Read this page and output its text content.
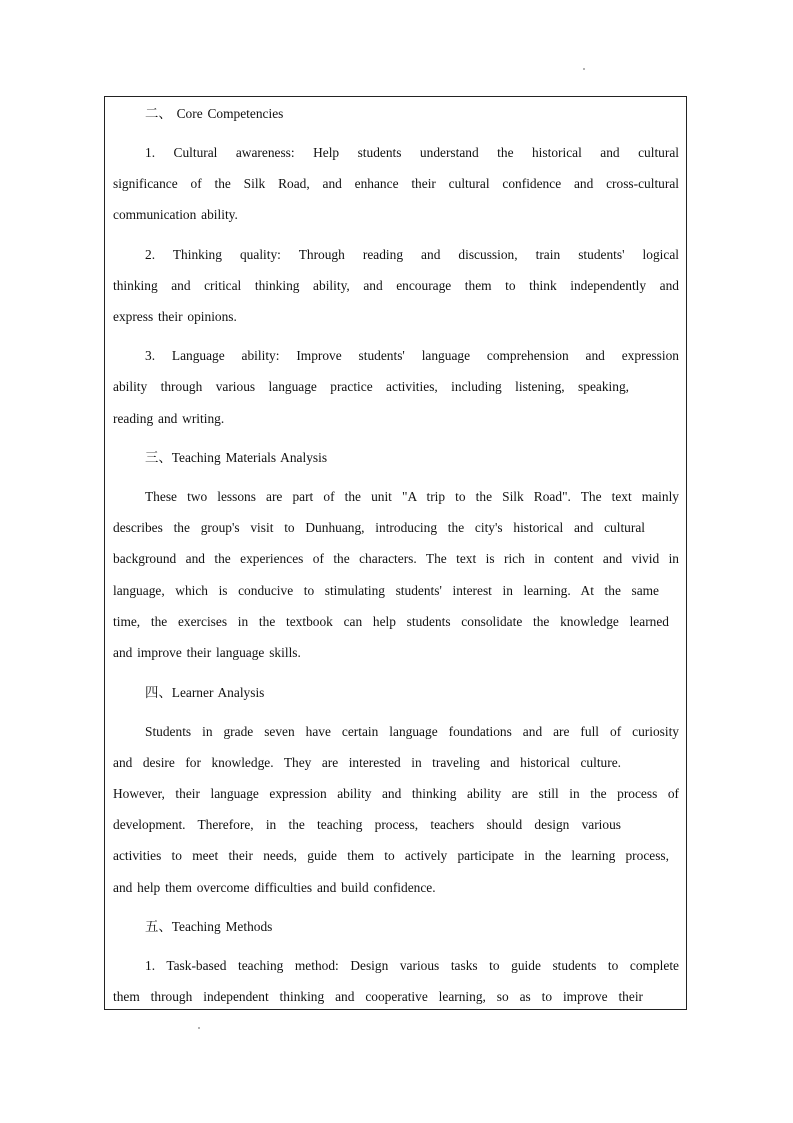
二、 Core Competencies
1. Cultural awareness: Help students understand the historical and cultural
significance of the Silk Road, and enhance their cultural confidence and cross-cultural
communication ability.
2. Thinking quality: Through reading and discussion, train students' logical
thinking and critical thinking ability, and encourage them to think independently and
express their opinions.
3. Language ability: Improve students' language comprehension and expression
ability through various language practice activities, including listening, speaking,
reading and writing.
三、Teaching Materials Analysis
These two lessons are part of the unit "A trip to the Silk Road". The text mainly
describes the group's visit to Dunhuang, introducing the city's historical and cultural
background and the experiences of the characters. The text is rich in content and vivid in
language, which is conducive to stimulating students' interest in learning. At the same
time, the exercises in the textbook can help students consolidate the knowledge learned
and improve their language skills.
四、Learner Analysis
Students in grade seven have certain language foundations and are full of curiosity
and desire for knowledge. They are interested in traveling and historical culture.
However, their language expression ability and thinking ability are still in the process of
development. Therefore, in the teaching process, teachers should design various
activities to meet their needs, guide them to actively participate in the learning process,
and help them overcome difficulties and build confidence.
五、Teaching Methods
1. Task-based teaching method: Design various tasks to guide students to complete
them through independent thinking and cooperative learning, so as to improve their
